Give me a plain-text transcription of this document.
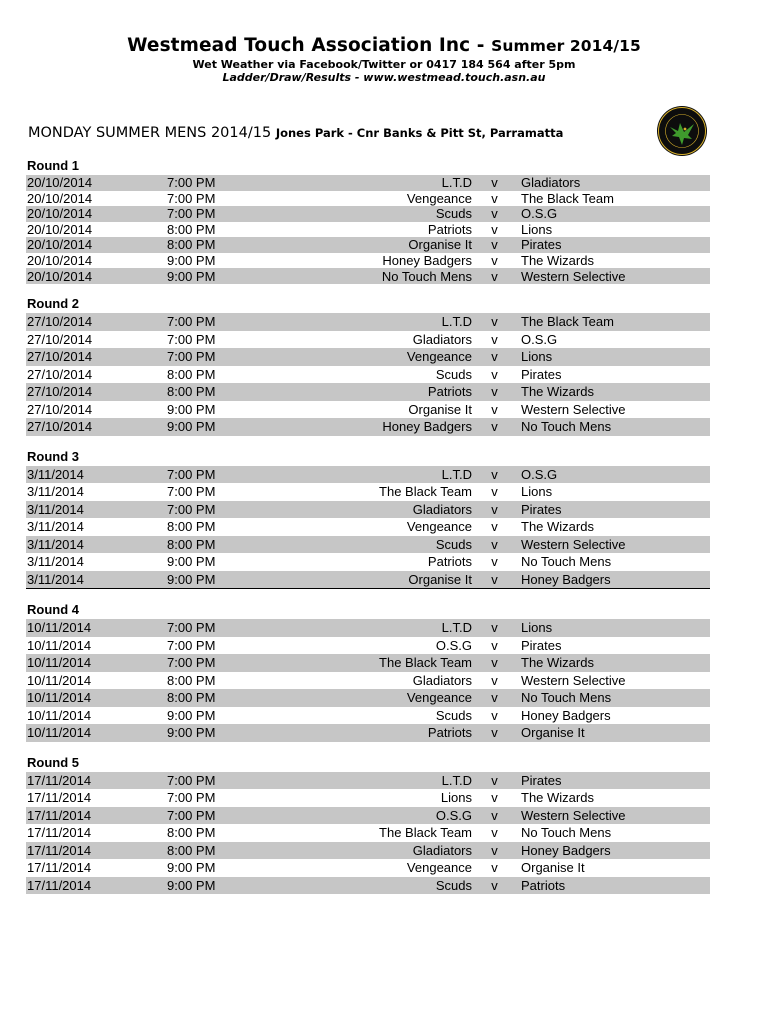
Westmead Touch Association Inc - Summer 2014/15
Wet Weather via Facebook/Twitter or 0417 184 564 after 5pm
Ladder/Draw/Results - www.westmead.touch.asn.au
MONDAY SUMMER MENS 2014/15 Jones Park - Cnr Banks & Pitt St, Parramatta
Round 1
20/10/2014	7:00 PM	L.T.D	v	Gladiators
20/10/2014	7:00 PM	Vengeance	v	The Black Team
20/10/2014	7:00 PM	Scuds	v	O.S.G
20/10/2014	8:00 PM	Patriots	v	Lions
20/10/2014	8:00 PM	Organise It	v	Pirates
20/10/2014	9:00 PM	Honey Badgers	v	The Wizards
20/10/2014	9:00 PM	No Touch Mens	v	Western Selective
Round 2
27/10/2014	7:00 PM	L.T.D	v	The Black Team
27/10/2014	7:00 PM	Gladiators	v	O.S.G
27/10/2014	7:00 PM	Vengeance	v	Lions
27/10/2014	8:00 PM	Scuds	v	Pirates
27/10/2014	8:00 PM	Patriots	v	The Wizards
27/10/2014	9:00 PM	Organise It	v	Western Selective
27/10/2014	9:00 PM	Honey Badgers	v	No Touch Mens
Round 3
3/11/2014	7:00 PM	L.T.D	v	O.S.G
3/11/2014	7:00 PM	The Black Team	v	Lions
3/11/2014	7:00 PM	Gladiators	v	Pirates
3/11/2014	8:00 PM	Vengeance	v	The Wizards
3/11/2014	8:00 PM	Scuds	v	Western Selective
3/11/2014	9:00 PM	Patriots	v	No Touch Mens
3/11/2014	9:00 PM	Organise It	v	Honey Badgers
Round 4
10/11/2014	7:00 PM	L.T.D	v	Lions
10/11/2014	7:00 PM	O.S.G	v	Pirates
10/11/2014	7:00 PM	The Black Team	v	The Wizards
10/11/2014	8:00 PM	Gladiators	v	Western Selective
10/11/2014	8:00 PM	Vengeance	v	No Touch Mens
10/11/2014	9:00 PM	Scuds	v	Honey Badgers
10/11/2014	9:00 PM	Patriots	v	Organise It
Round 5
17/11/2014	7:00 PM	L.T.D	v	Pirates
17/11/2014	7:00 PM	Lions	v	The Wizards
17/11/2014	7:00 PM	O.S.G	v	Western Selective
17/11/2014	8:00 PM	The Black Team	v	No Touch Mens
17/11/2014	8:00 PM	Gladiators	v	Honey Badgers
17/11/2014	9:00 PM	Vengeance	v	Organise It
17/11/2014	9:00 PM	Scuds	v	Patriots
